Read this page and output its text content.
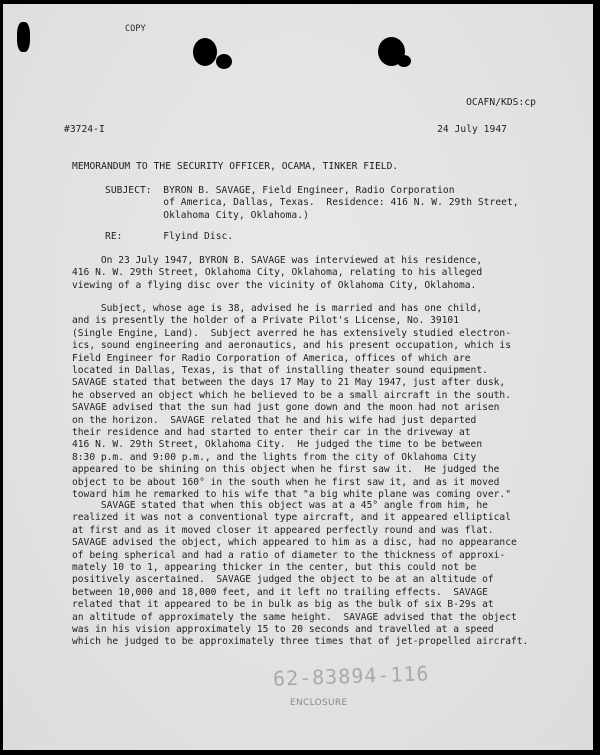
COPY
OCAFN/KDS:cp
#3724-I	24 July 1947
MEMORANDUM TO THE SECURITY OFFICER, OCAMA, TINKER FIELD.
SUBJECT:  BYRON B. SAVAGE, Field Engineer, Radio Corporation
of America, Dallas, Texas.  Residence: 416 N. W. 29th Street,
Oklahoma City, Oklahoma.)
RE:       Flyind Disc.
On 23 July 1947, BYRON B. SAVAGE was interviewed at his residence,
416 N. W. 29th Street, Oklahoma City, Oklahoma, relating to his alleged
viewing of a flying disc over the vicinity of Oklahoma City, Oklahoma.
Subject, whose age is 38, advised he is married and has one child,
and is presently the holder of a Private Pilot's License, No. 39101
(Single Engine, Land).  Subject averred he has extensively studied electron-
ics, sound engineering and aeronautics, and his present occupation, which is
Field Engineer for Radio Corporation of America, offices of which are
located in Dallas, Texas, is that of installing theater sound equipment.
SAVAGE stated that between the days 17 May to 21 May 1947, just after dusk,
he observed an object which he believed to be a small aircraft in the south.
SAVAGE advised that the sun had just gone down and the moon had not arisen
on the horizon.  SAVAGE related that he and his wife had just departed
their residence and had started to enter their car in the driveway at
416 N. W. 29th Street, Oklahoma City.  He judged the time to be between
8:30 p.m. and 9:00 p.m., and the lights from the city of Oklahoma City
appeared to be shining on this object when he first saw it.  He judged the
object to be about 160° in the south when he first saw it, and as it moved
toward him he remarked to his wife that "a big white plane was coming over."
SAVAGE stated that when this object was at a 45° angle from him, he
realized it was not a conventional type aircraft, and it appeared elliptical
at first and as it moved closer it appeared perfectly round and was flat.
SAVAGE advised the object, which appeared to him as a disc, had no appearance
of being spherical and had a ratio of diameter to the thickness of approxi-
mately 10 to 1, appearing thicker in the center, but this could not be
positively ascertained.  SAVAGE judged the object to be at an altitude of
between 10,000 and 18,000 feet, and it left no trailing effects.  SAVAGE
related that it appeared to be in bulk as big as the bulk of six B-29s at
an altitude of approximately the same height.  SAVAGE advised that the object
was in his vision approximately 15 to 20 seconds and travelled at a speed
which he judged to be approximately three times that of jet-propelled aircraft.
62-83894-116
ENCLOSURE
